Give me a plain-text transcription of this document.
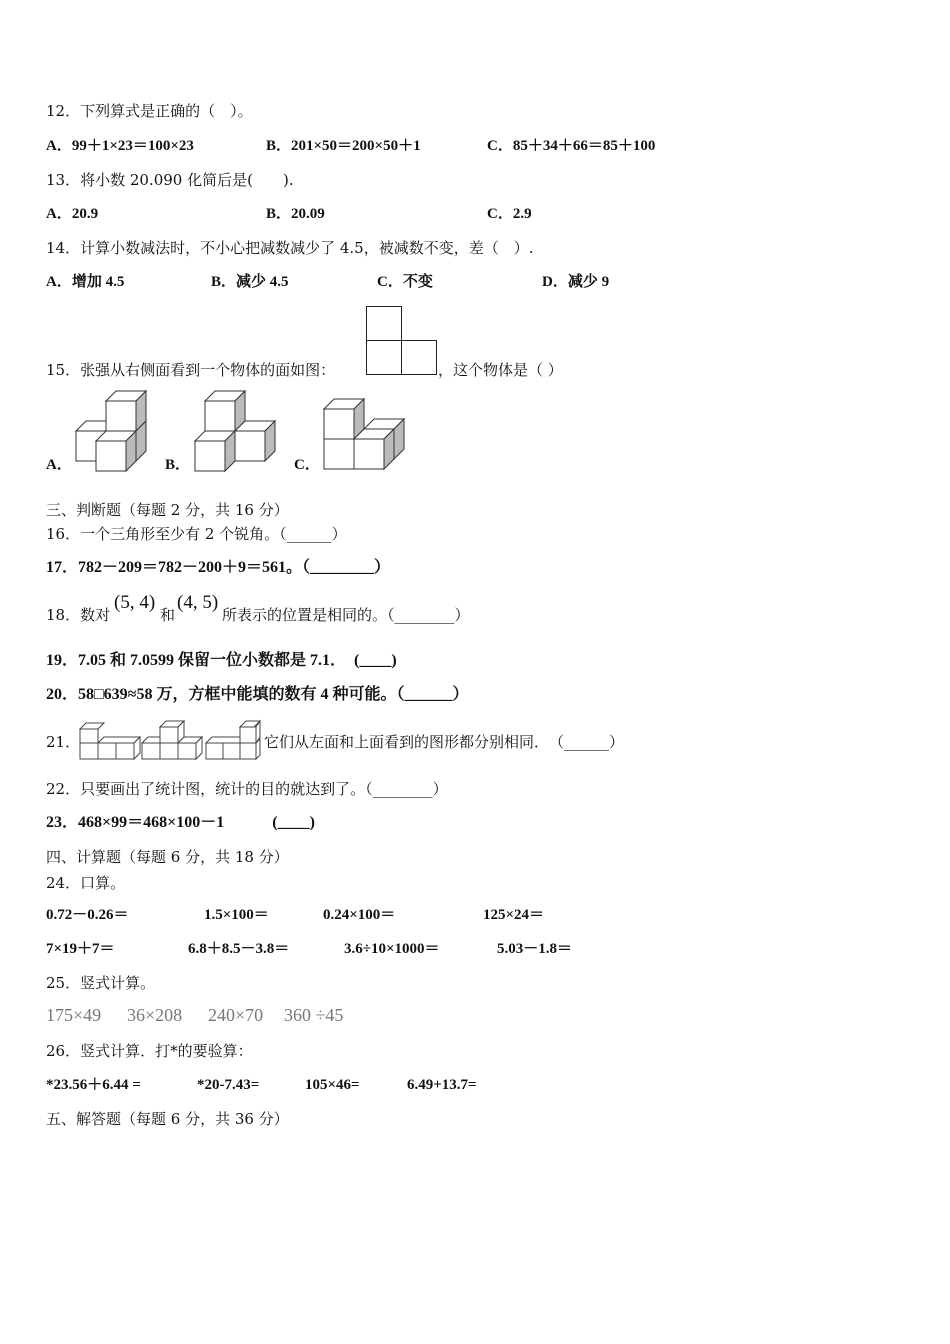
12．下列算式是正确的（　）。
A．99＋1×23＝100×23	B．201×50＝200×50＋1	C．85＋34＋66＝85＋100
13．将小数 20.090 化简后是(　　).
A．20.9	B．20.09	C．2.9
14．计算小数减法时，不小心把减数减少了 4.5，被减数不变，差（　）.
A．增加 4.5	B．减少 4.5	C．不变	D．减少 9
15．张强从右侧面看到一个物体的面如图：	，这个物体是（ ）
A．	B．	C．
三、判断题（每题 2 分，共 16 分）
16．一个三角形至少有 2 个锐角。（______）
17．782－209＝782－200＋9＝561。（________）
18．数对
(5, 4)
和
(4, 5)
所表示的位置是相同的。（________）
19．7.05 和 7.0599 保留一位小数都是 7.1．　(____)
20．58□639≈58 万，方框中能填的数有 4 种可能。（______）
21．	它们从左面和上面看到的图形都分别相同．　（______）
22．只要画出了统计图，统计的目的就达到了。（________）
23．468×99＝468×100－1　　　(____)
四、计算题（每题 6 分，共 18 分）
24．口算。
0.72－0.26＝	1.5×100＝	0.24×100＝	125×24＝
7×19＋7＝	6.8＋8.5－3.8＝	3.6÷10×1000＝	5.03－1.8＝
25．竖式计算。
175×49 36×208 240×70 360 ÷45
26．竖式计算．打*的要验算：
*23.56＋6.44 =	*20-7.43=	105×46=	6.49+13.7=
五、解答题（每题 6 分，共 36 分）
